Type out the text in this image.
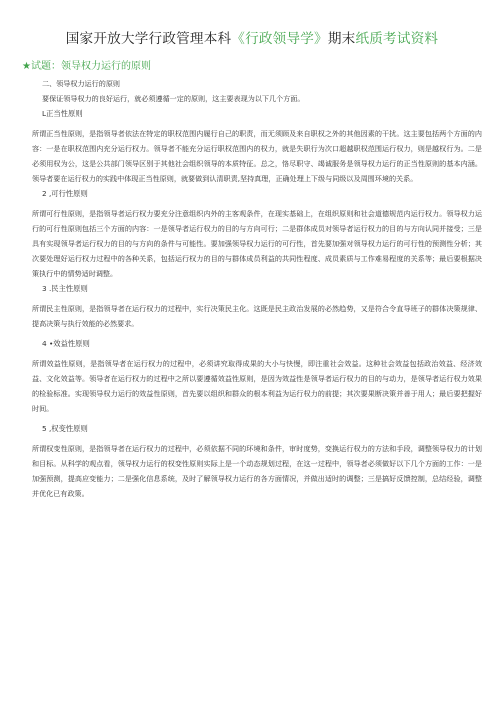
国家开放大学行政管理本科《行政领导学》期末纸质考试资料
★试题：领导权力运行的原则

二、领导权力运行的原则

要保证领导权力的良好运行，就必须遵循一定的原则，这主要表现为以下几个方面。

L正当性原则

所谓正当性原则，是指领导者依法在特定的职权范围内履行自己的职责，而无须顾及来自职权之外的其他因素的干扰。这主要包括两个方面的内容：一是在职权范围内充分运行权力。领导者不能充分运行职权范围内的权力，就是失职行为次口超越职权范围运行权力，则是越权行为。二是必须用权为公，这是公共部门领导区别于其他社会组织领导的本质特征。总之，恪尽职守、竭诚服务是领导权力运行的正当性原则的基本内涵。领导者要在运行权力的实践中体现正当性原则，就要做到认清职责,坚持真理，正确处理上下级与同级以及周围环境的关系。

2 ,可行性原则

所谓可行性原则，是指领导者运行权力要充分注意组织内外的主客观条件，在现实基础上，在组织原则和社会道德规范内运行权力。领导权力运行的可行性原则包括三个方面的内容：一是领导者运行权力的目的与方向可行；二是群体成员对领导者运行权力的目的与方向认同并接受；三是具有实现领导者运行权力的目的与方向的条件与可能性。要加强领导权力运行的可行性，首先要加强对领导权力运行的可行性的预测性分析；其次要处理好运行权力过程中的各种关系，包括运行权力的目的与群体成员利益的共同性程度、成员素质与工作难易程度的关系等；最后要根据决策执行中的情势适时调整。

3 .民主性原则

所谓民主性原则，是指领导者在运行权力的过程中，实行决策民主化。这既是民主政治发展的必然趋势，又是符合令直导班子的群体决策规律、提高决策与执行效能的必然要求。

4 •效益性原则

所谓效益性原则，是指领导者在运行权力的过程中，必须讲究取得成果的大小与快慢，即注重社会效益。这种社会效益包括政治效益、经济效益、文化效益等。领导者在运行权力的过程中之所以要遵循效益性原则，是因为效益性是领导者运行权力的目的与动力，是领导者运行权力效果的检验标准。实现领导权力运行的效益性原则，首先要以组织和群众的根本利益为运行权力的前提；其次要果断决策并善于用人；最后要把握好时间。

5 ,权变性原则

所谓权变性原则，是指领导者在运行权力的过程中，必须依据不同的环境和条件，审时度势，变换运行权力的方法和手段，调整领导权力的计划和目标。从科学的观点看，领导权力运行的权变性原则实际上是一个动态规划过程，在这一过程中，领导者必须做好以下几个方面的工作：一是加强预测，提高应变能力；二是强化信息系统，及时了解领导权力运行的各方面情况，并做出适时的调整；三是搞好反馈控制，总结经验，调整并优化已有政策。
